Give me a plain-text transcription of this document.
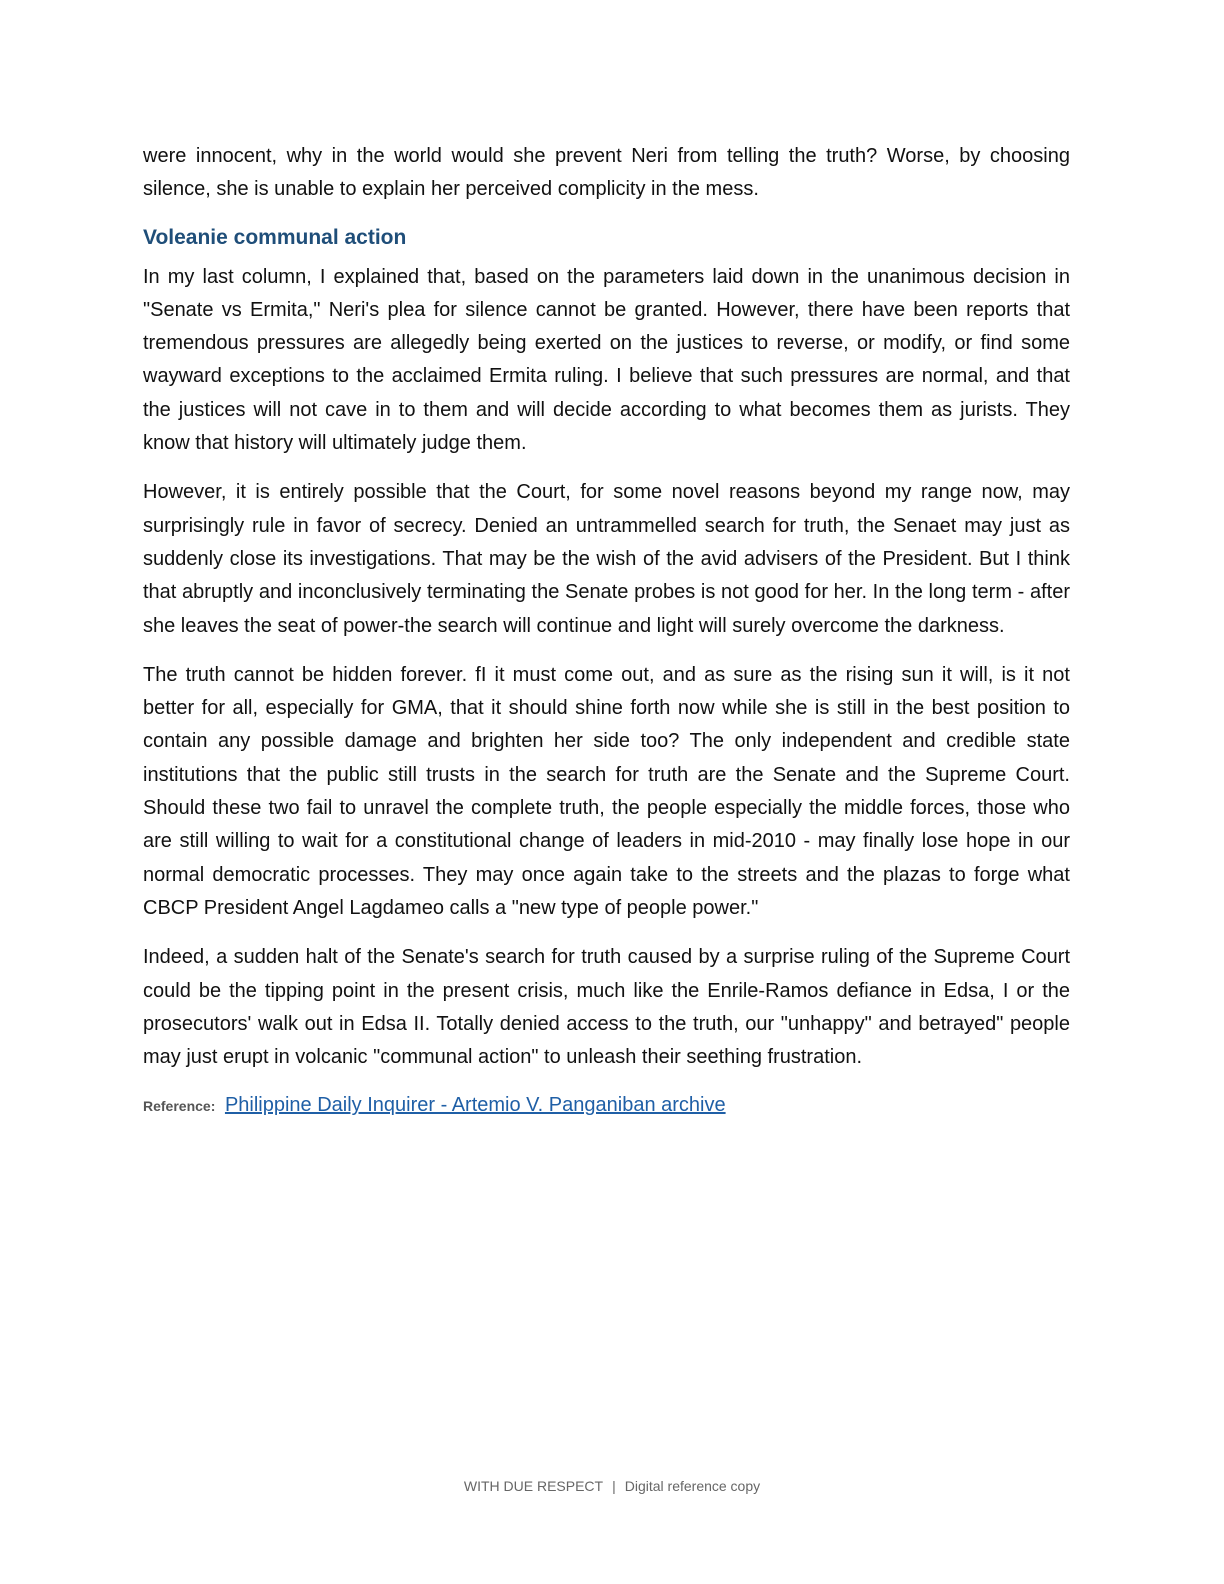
were innocent, why in the world would she prevent Neri from telling the truth? Worse, by choosing silence, she is unable to explain her perceived complicity in the mess.

Voleanie communal action

In my last column, I explained that, based on the parameters laid down in the unanimous decision in "Senate vs Ermita," Neri's plea for silence cannot be granted. However, there have been reports that tremendous pressures are allegedly being exerted on the justices to reverse, or modify, or find some wayward exceptions to the acclaimed Ermita ruling. I believe that such pressures are normal, and that the justices will not cave in to them and will decide according to what becomes them as jurists. They know that history will ultimately judge them.

However, it is entirely possible that the Court, for some novel reasons beyond my range now, may surprisingly rule in favor of secrecy. Denied an untrammelled search for truth, the Senaet may just as suddenly close its investigations. That may be the wish of the avid advisers of the President. But I think that abruptly and inconclusively terminating the Senate probes is not good for her. In the long term - after she leaves the seat of power-the search will continue and light will surely overcome the darkness.

The truth cannot be hidden forever. fI it must come out, and as sure as the rising sun it will, is it not better for all, especially for GMA, that it should shine forth now while she is still in the best position to contain any possible damage and brighten her side too? The only independent and credible state institutions that the public still trusts in the search for truth are the Senate and the Supreme Court. Should these two fail to unravel the complete truth, the people especially the middle forces, those who are still willing to wait for a constitutional change of leaders in mid-2010 - may finally lose hope in our normal democratic processes. They may once again take to the streets and the plazas to forge what CBCP President Angel Lagdameo calls a "new type of people power."

Indeed, a sudden halt of the Senate's search for truth caused by a surprise ruling of the Supreme Court could be the tipping point in the present crisis, much like the Enrile-Ramos defiance in Edsa, I or the prosecutors' walk out in Edsa II. Totally denied access to the truth, our "unhappy" and betrayed" people may just erupt in volcanic "communal action" to unleash their seething frustration.

Reference: Philippine Daily Inquirer - Artemio V. Panganiban archive
WITH DUE RESPECT | Digital reference copy
